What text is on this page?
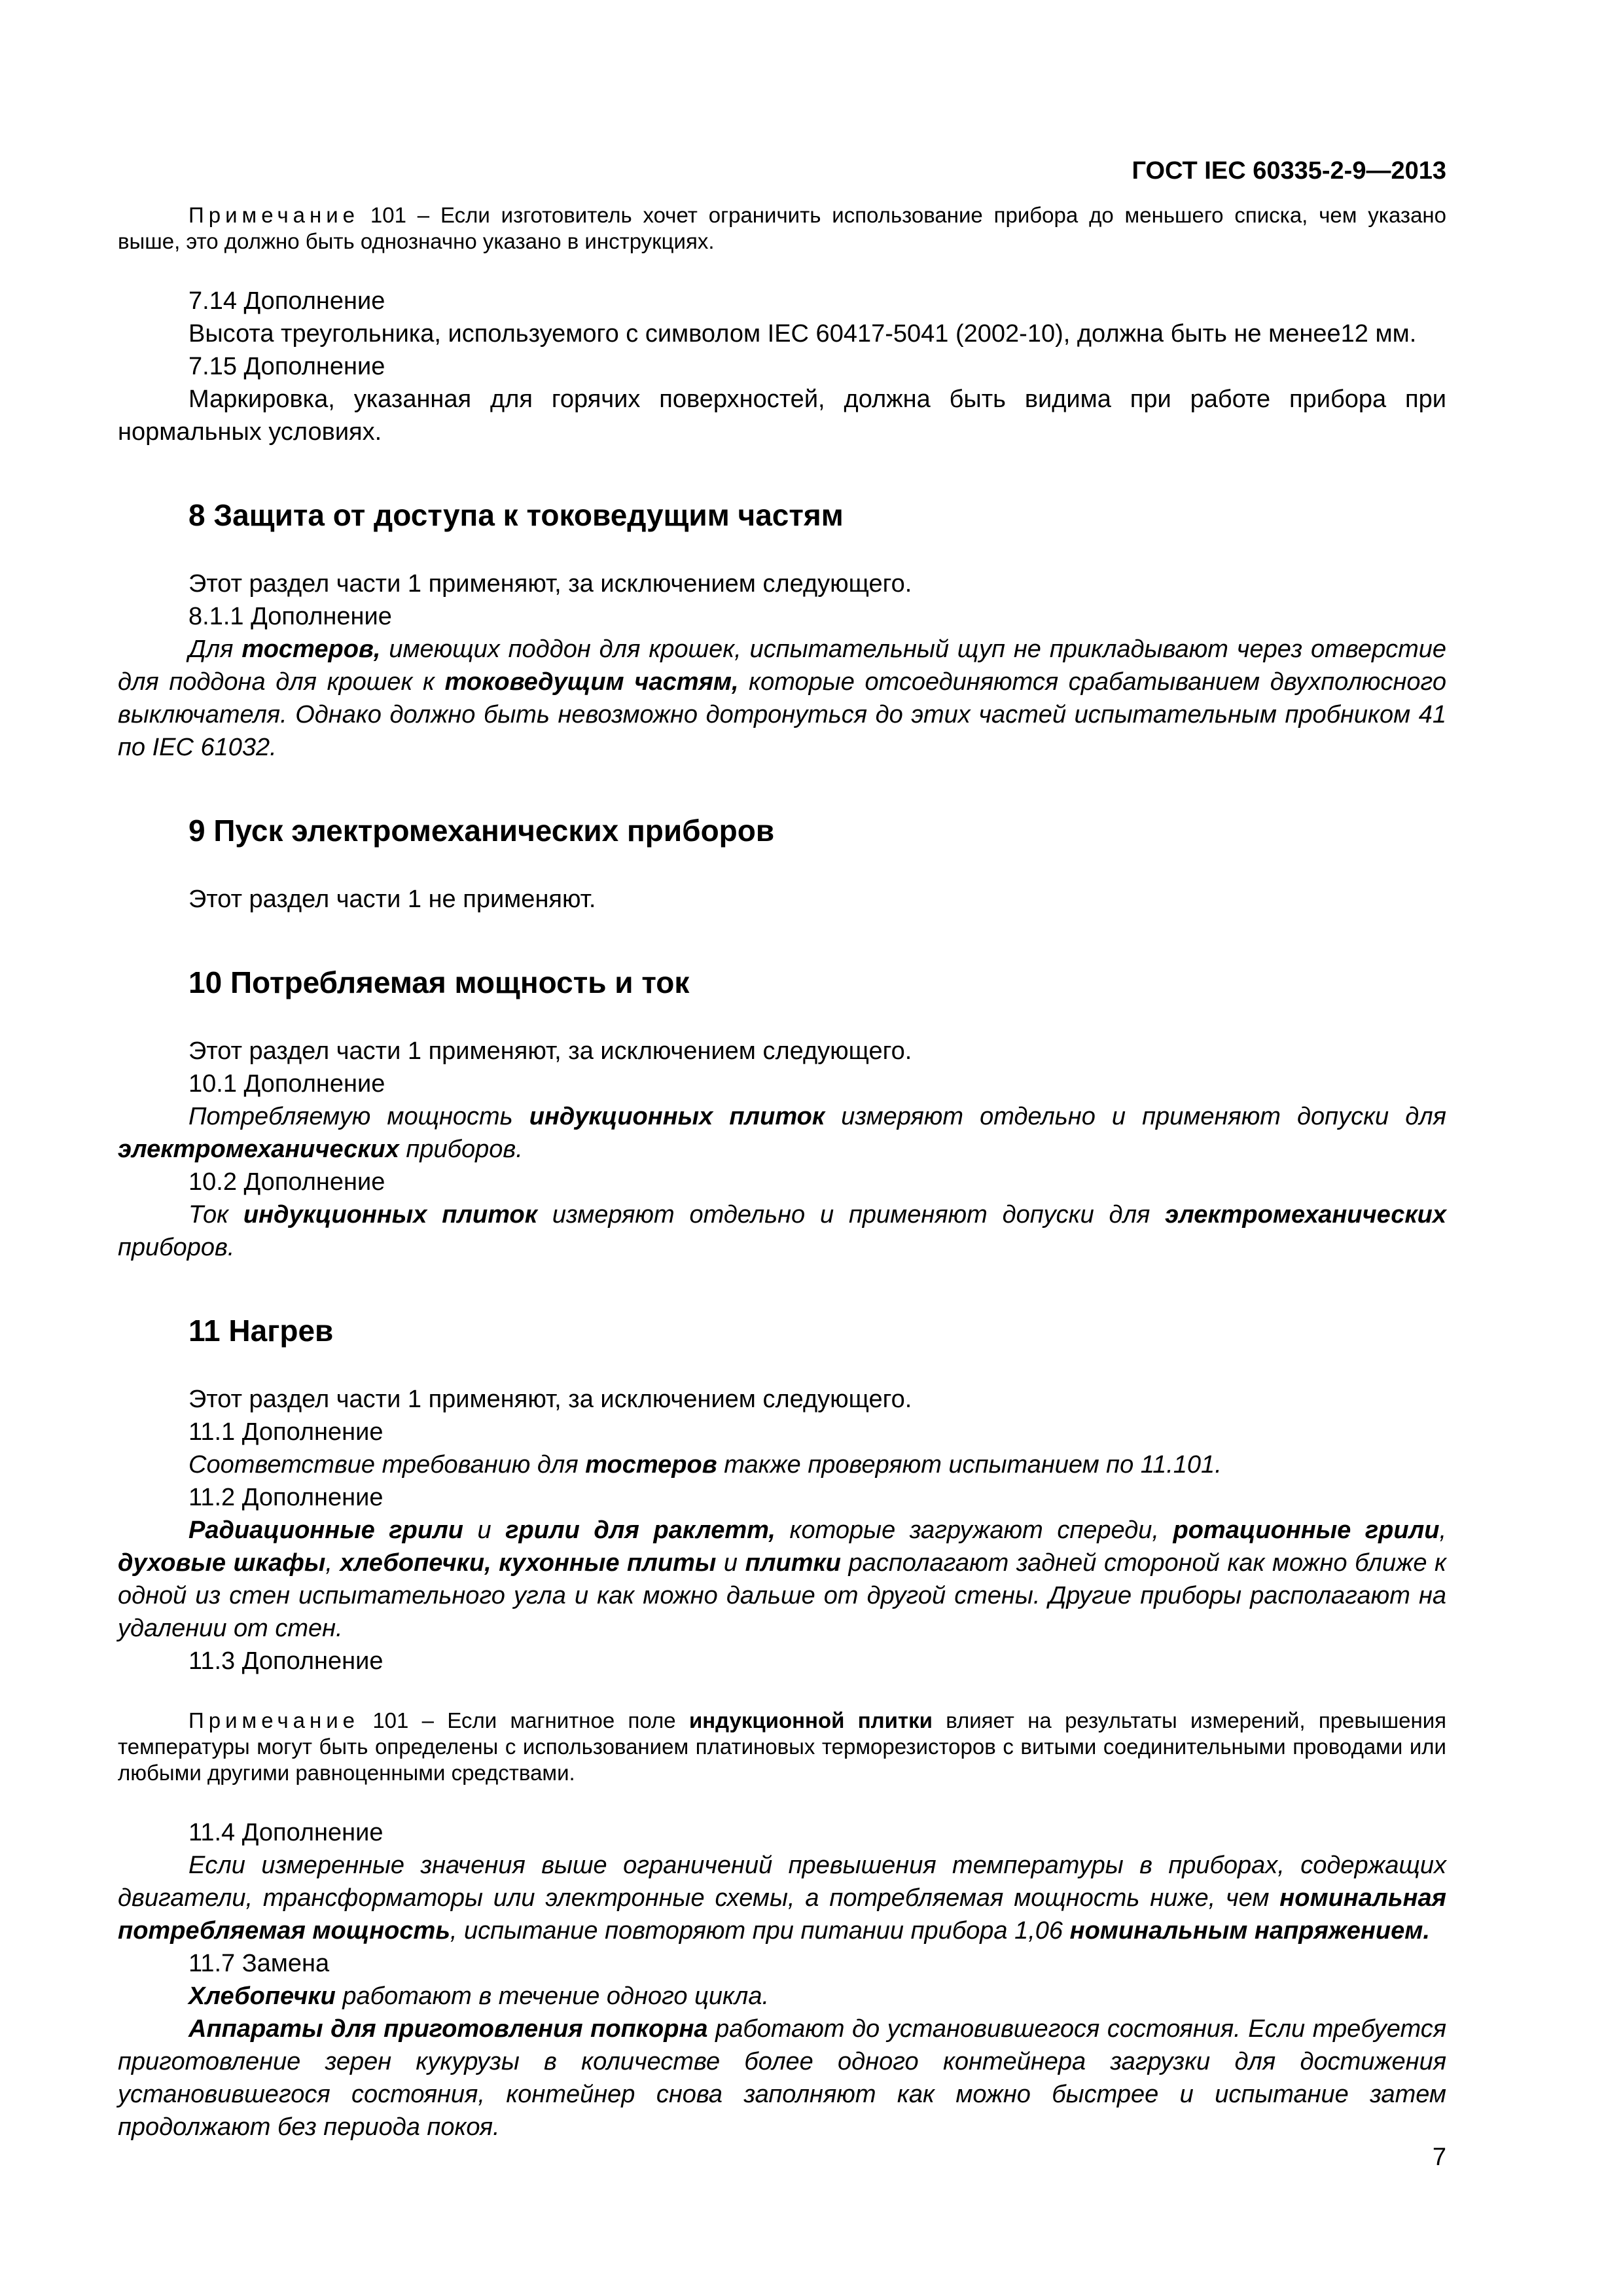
ГОСТ IEC 60335-2-9—2013

Примечание 101 – Если изготовитель хочет ограничить использование прибора до меньшего списка, чем указано выше, это должно быть однозначно указано в инструкциях.

7.14 Дополнение

Высота треугольника, используемого с символом IEC 60417-5041 (2002-10), должна быть не менее12 мм.

7.15 Дополнение

Маркировка, указанная для горячих поверхностей, должна быть видима при работе прибора при нормальных условиях.

8 Защита от доступа к токоведущим частям

Этот раздел части 1 применяют, за исключением следующего.

8.1.1 Дополнение

Для тостеров, имеющих поддон для крошек, испытательный щуп не прикладывают через отверстие для поддона для крошек к токоведущим частям, которые отсоединяются срабатыванием двухполюсного выключателя. Однако должно быть невозможно дотронуться до этих частей испытательным пробником 41 по IEC 61032.

9 Пуск электромеханических приборов

Этот раздел части 1 не применяют.

10 Потребляемая мощность и ток

Этот раздел части 1 применяют, за исключением следующего.

10.1 Дополнение

Потребляемую мощность индукционных плиток измеряют отдельно и применяют допуски для электромеханических приборов.

10.2 Дополнение

Ток индукционных плиток измеряют отдельно и применяют допуски для электромеханических приборов.

11 Нагрев

Этот раздел части 1 применяют, за исключением следующего.

11.1 Дополнение

Соответствие требованию для тостеров также проверяют испытанием по 11.101.

11.2 Дополнение

Радиационные грили и грили для раклетт, которые загружают спереди, ротационные грили, духовые шкафы, хлебопечки, кухонные плиты и плитки располагают задней стороной как можно ближе к одной из стен испытательного угла и как можно дальше от другой стены. Другие приборы располагают на удалении от стен.

11.3 Дополнение

Примечание 101 – Если магнитное поле индукционной плитки влияет на результаты измерений, превышения температуры могут быть определены с использованием платиновых терморезисторов с витыми соединительными проводами или любыми другими равноценными средствами.

11.4 Дополнение

Если измеренные значения выше ограничений превышения температуры в приборах, содержащих двигатели, трансформаторы или электронные схемы, а потребляемая мощность ниже, чем номинальная потребляемая мощность, испытание повторяют при питании прибора 1,06 номинальным напряжением.

11.7 Замена

Хлебопечки работают в течение одного цикла.

Аппараты для приготовления попкорна работают до установившегося состояния. Если требуется приготовление зерен кукурузы в количестве более одного контейнера загрузки для достижения установившегося состояния, контейнер снова заполняют как можно быстрее и испытание затем продолжают без периода покоя.

7
